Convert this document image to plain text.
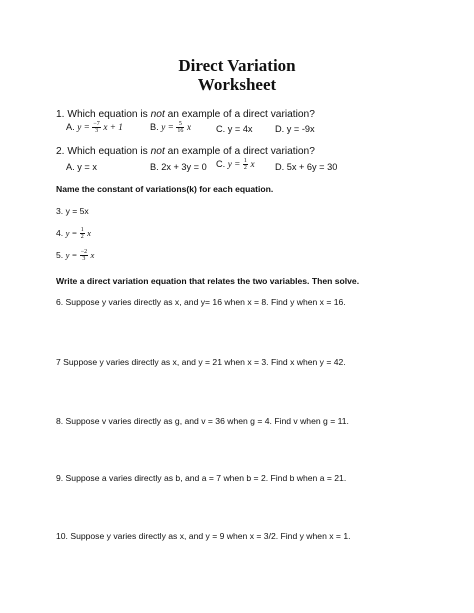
Direct Variation
Worksheet
1. Which equation is not an example of a direct variation?
A. $y = \frac{-7}{3}$ x + 1	B. $y = \frac{5}{16}$ x	C. y = 4x D. y = -9x
2. Which equation is not an example of a direct variation?
A. y = x	B. 2x + 3y = 0 C. $y = \frac{1}{2}$ x D. 5x + 6y = 30
Name the constant of variations(k) for each equation.
3. y = 5x
4. $y = \frac{1}{2}$ x
5. $y = \frac{-2}{3}$ x
Write a direct variation equation that relates the two variables. Then solve.
6. Suppose y varies directly as x, and y= 16 when x = 8. Find y when x = 16.
7 Suppose y varies directly as x, and y = 21 when x = 3. Find x when y = 42.
8. Suppose v varies directly as g, and v = 36 when g = 4. Find v when g = 11.
9. Suppose a varies directly as b, and a = 7 when b = 2. Find b when a = 21.
10. Suppose y varies directly as x, and y = 9 when x = 3/2. Find y when x = 1.
